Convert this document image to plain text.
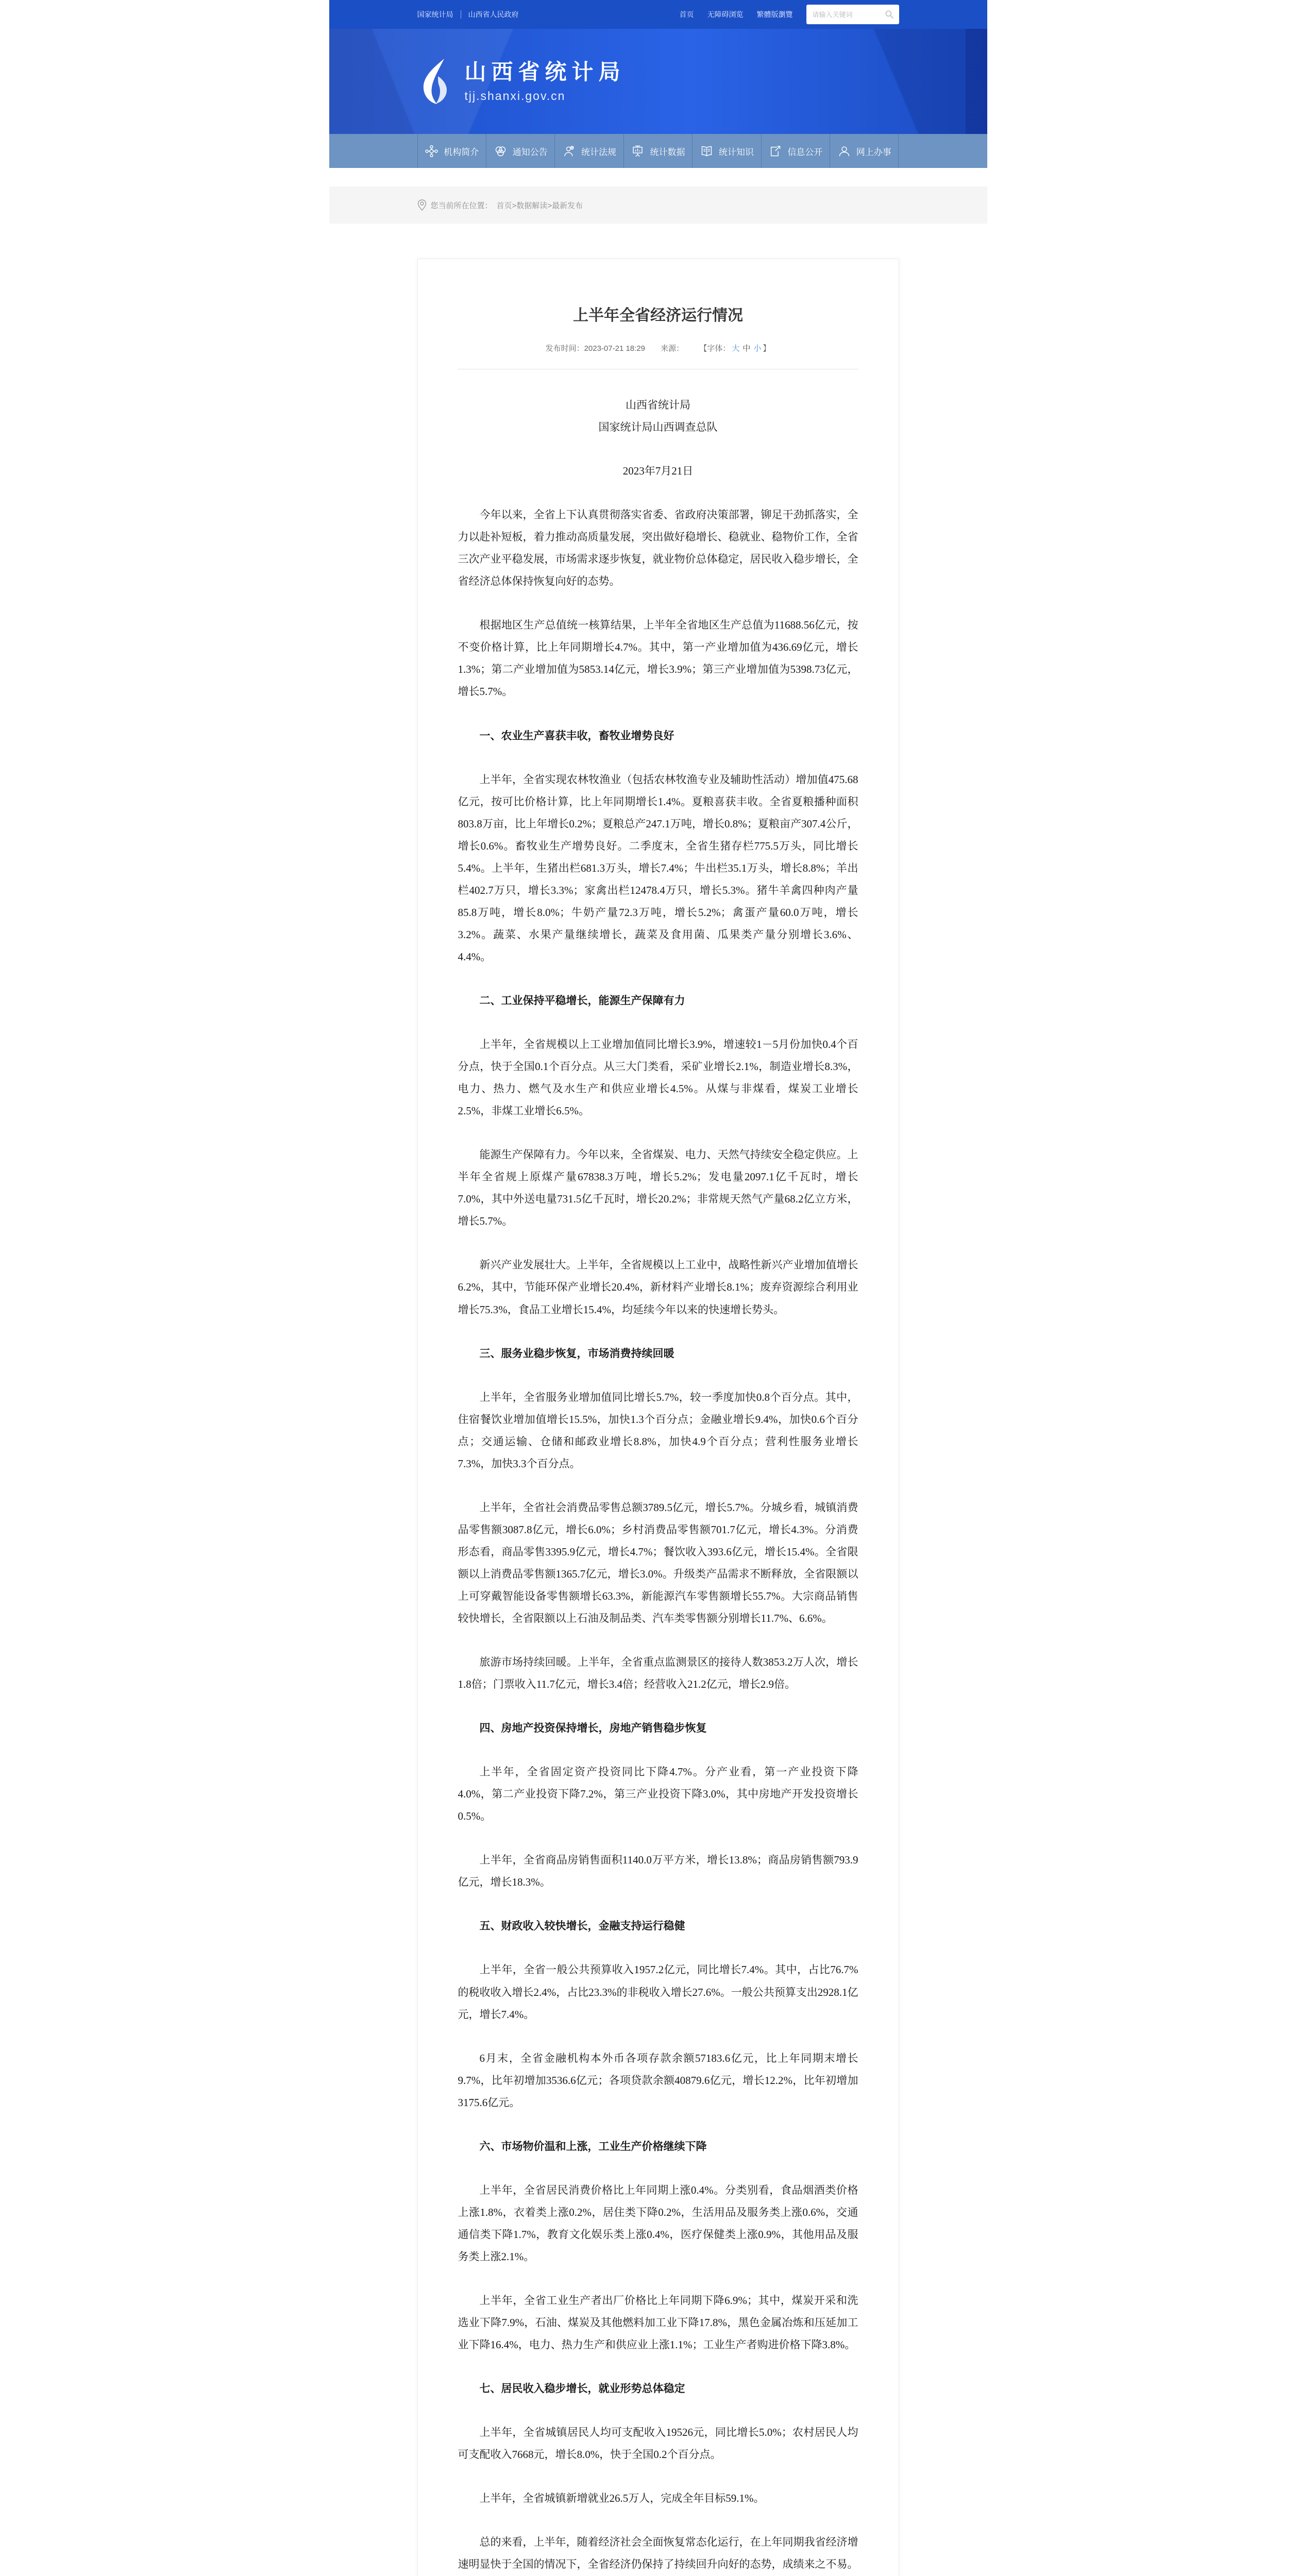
国家统计局 山西省人民政府	首页 无障碍浏览 繁體版瀏覽
请输入关键词
山西省统计局
tjj.shanxi.gov.cn
机构简介	通知公告	统计法规	统计数据	统计知识	信息公开	网上办事
您当前所在位置： 首页>数据解读>最新发布
上半年全省经济运行情况
发布时间：2023-07-21 18:29 来源： 【字体： 大 中 小 】
山西省统计局
国家统计局山西调查总队
2023年7月21日

今年以来，全省上下认真贯彻落实省委、省政府决策部署，铆足干劲抓落实，全力以赴补短板，着力推动高质量发展，突出做好稳增长、稳就业、稳物价工作，全省三次产业平稳发展，市场需求逐步恢复，就业物价总体稳定，居民收入稳步增长，全省经济总体保持恢复向好的态势。

根据地区生产总值统一核算结果，上半年全省地区生产总值为11688.56亿元，按不变价格计算，比上年同期增长4.7%。其中，第一产业增加值为436.69亿元，增长1.3%；第二产业增加值为5853.14亿元，增长3.9%；第三产业增加值为5398.73亿元，增长5.7%。

一、农业生产喜获丰收，畜牧业增势良好

上半年，全省实现农林牧渔业（包括农林牧渔专业及辅助性活动）增加值475.68亿元，按可比价格计算，比上年同期增长1.4%。夏粮喜获丰收。全省夏粮播种面积803.8万亩，比上年增长0.2%；夏粮总产247.1万吨，增长0.8%；夏粮亩产307.4公斤，增长0.6%。畜牧业生产增势良好。二季度末，全省生猪存栏775.5万头，同比增长5.4%。上半年，生猪出栏681.3万头，增长7.4%；牛出栏35.1万头，增长8.8%；羊出栏402.7万只，增长3.3%；家禽出栏12478.4万只，增长5.3%。猪牛羊禽四种肉产量85.8万吨，增长8.0%；牛奶产量72.3万吨，增长5.2%；禽蛋产量60.0万吨，增长3.2%。蔬菜、水果产量继续增长，蔬菜及食用菌、瓜果类产量分别增长3.6%、4.4%。

二、工业保持平稳增长，能源生产保障有力

上半年，全省规模以上工业增加值同比增长3.9%，增速较1－5月份加快0.4个百分点，快于全国0.1个百分点。从三大门类看，采矿业增长2.1%，制造业增长8.3%，电力、热力、燃气及水生产和供应业增长4.5%。从煤与非煤看，煤炭工业增长2.5%，非煤工业增长6.5%。

能源生产保障有力。今年以来，全省煤炭、电力、天然气持续安全稳定供应。上半年全省规上原煤产量67838.3万吨，增长5.2%；发电量2097.1亿千瓦时，增长7.0%，其中外送电量731.5亿千瓦时，增长20.2%；非常规天然气产量68.2亿立方米，增长5.7%。

新兴产业发展壮大。上半年，全省规模以上工业中，战略性新兴产业增加值增长6.2%，其中，节能环保产业增长20.4%，新材料产业增长8.1%；废弃资源综合利用业增长75.3%，食品工业增长15.4%，均延续今年以来的快速增长势头。

三、服务业稳步恢复，市场消费持续回暖

上半年，全省服务业增加值同比增长5.7%，较一季度加快0.8个百分点。其中，住宿餐饮业增加值增长15.5%，加快1.3个百分点；金融业增长9.4%，加快0.6个百分点；交通运输、仓储和邮政业增长8.8%，加快4.9个百分点；营利性服务业增长7.3%，加快3.3个百分点。

上半年，全省社会消费品零售总额3789.5亿元，增长5.7%。分城乡看，城镇消费品零售额3087.8亿元，增长6.0%；乡村消费品零售额701.7亿元，增长4.3%。分消费形态看，商品零售3395.9亿元，增长4.7%；餐饮收入393.6亿元，增长15.4%。全省限额以上消费品零售额1365.7亿元，增长3.0%。升级类产品需求不断释放，全省限额以上可穿戴智能设备零售额增长63.3%，新能源汽车零售额增长55.7%。大宗商品销售较快增长，全省限额以上石油及制品类、汽车类零售额分别增长11.7%、6.6%。

旅游市场持续回暖。上半年，全省重点监测景区的接待人数3853.2万人次，增长1.8倍；门票收入11.7亿元，增长3.4倍；经营收入21.2亿元，增长2.9倍。

四、房地产投资保持增长，房地产销售稳步恢复

上半年，全省固定资产投资同比下降4.7%。分产业看，第一产业投资下降4.0%，第二产业投资下降7.2%，第三产业投资下降3.0%，其中房地产开发投资增长0.5%。

上半年，全省商品房销售面积1140.0万平方米，增长13.8%；商品房销售额793.9亿元，增长18.3%。

五、财政收入较快增长，金融支持运行稳健

上半年，全省一般公共预算收入1957.2亿元，同比增长7.4%。其中，占比76.7%的税收收入增长2.4%，占比23.3%的非税收入增长27.6%。一般公共预算支出2928.1亿元，增长7.4%。

6月末，全省金融机构本外币各项存款余额57183.6亿元，比上年同期末增长9.7%，比年初增加3536.6亿元；各项贷款余额40879.6亿元，增长12.2%，比年初增加3175.6亿元。

六、市场物价温和上涨，工业生产价格继续下降

上半年，全省居民消费价格比上年同期上涨0.4%。分类别看，食品烟酒类价格上涨1.8%，衣着类上涨0.2%，居住类下降0.2%，生活用品及服务类上涨0.6%，交通通信类下降1.7%，教育文化娱乐类上涨0.4%，医疗保健类上涨0.9%，其他用品及服务类上涨2.1%。

上半年，全省工业生产者出厂价格比上年同期下降6.9%；其中，煤炭开采和洗选业下降7.9%，石油、煤炭及其他燃料加工业下降17.8%，黑色金属冶炼和压延加工业下降16.4%，电力、热力生产和供应业上涨1.1%；工业生产者购进价格下降3.8%。

七、居民收入稳步增长，就业形势总体稳定

上半年，全省城镇居民人均可支配收入19526元，同比增长5.0%；农村居民人均可支配收入7668元，增长8.0%，快于全国0.2个百分点。

上半年，全省城镇新增就业26.5万人，完成全年目标59.1%。

总的来看，上半年，随着经济社会全面恢复常态化运行，在上年同期我省经济增速明显快于全国的情况下，全省经济仍保持了持续回升向好的态势，成绩来之不易。
